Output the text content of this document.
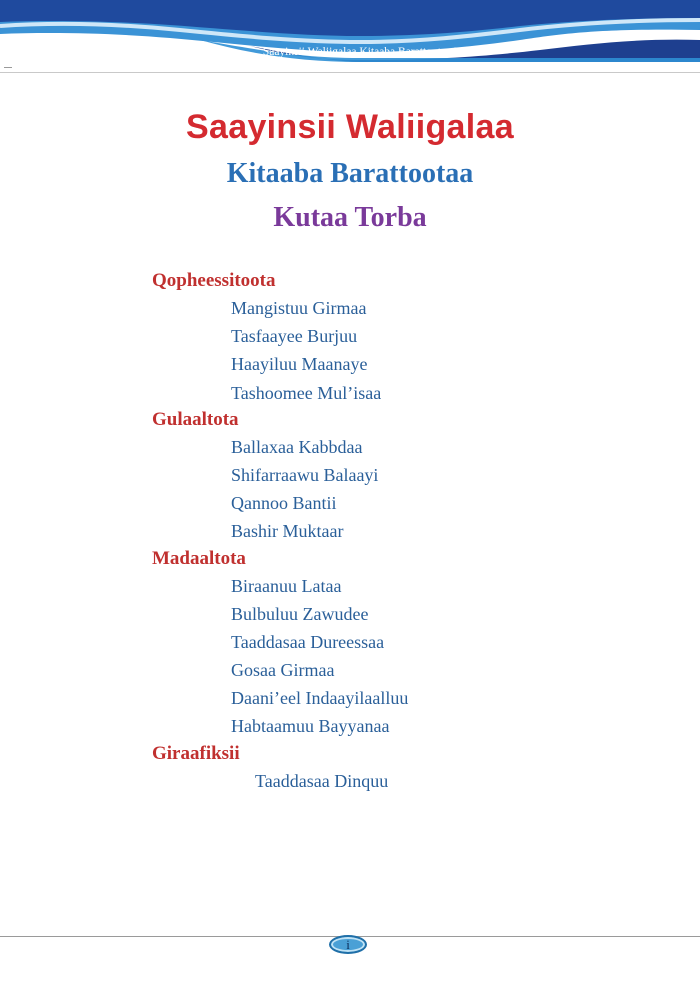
Saayinsii Waliigalaa Kitaaba Barattootaa Kutaa 7
Saayinsii Waliigalaa
Kitaaba Barattootaa
Kutaa Torba
Qopheessitoota
Mangistuu Girmaa
Tasfaayee Burjuu
Haayiluu Maanaye
Tashoomee Mul’isaa
Gulaaltota
Ballaxaa Kabbdaa
Shifarraawu Balaayi
Qannoo Bantii
Bashir Muktaar
Madaaltota
Biraanuu Lataa
Bulbuluu Zawudee
Taaddasaa Dureessaa
Gosaa Girmaa
Daani’eel Indaayilaalluu
Habtaamuu Bayyanaa
Giraafiksii
Taaddasaa Dinquu
i
